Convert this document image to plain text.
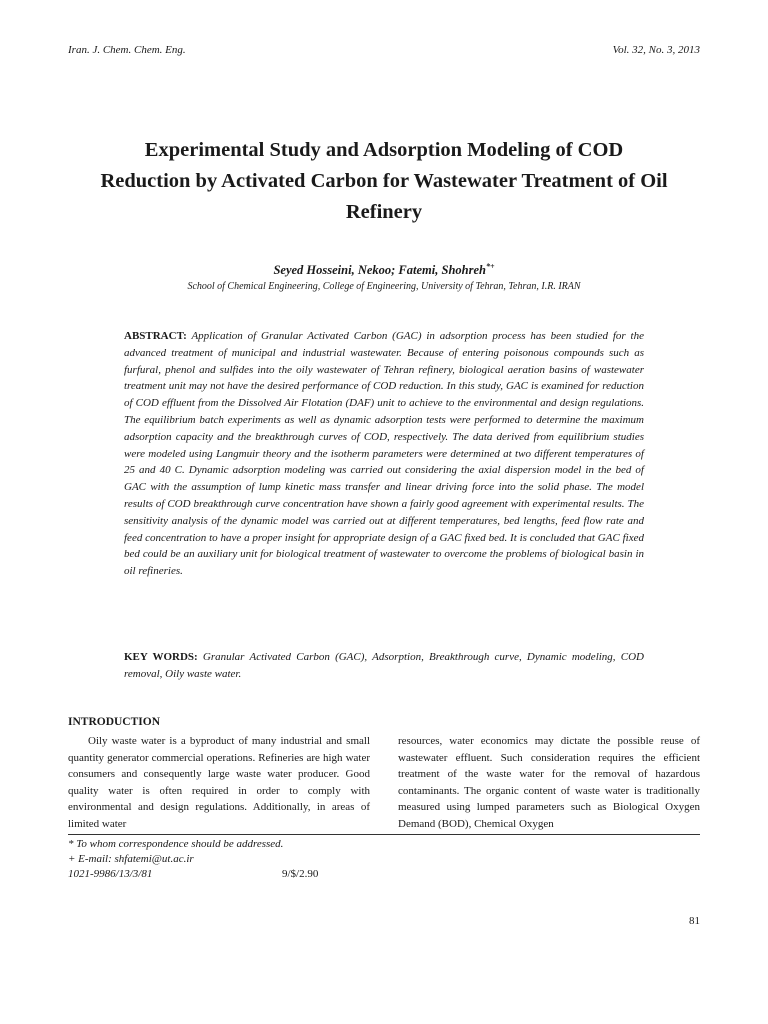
Iran. J. Chem. Chem. Eng.	Vol. 32, No. 3, 2013
Experimental Study and Adsorption Modeling of COD Reduction by Activated Carbon for Wastewater Treatment of Oil Refinery
Seyed Hosseini, Nekoo; Fatemi, Shohreh*+
School of Chemical Engineering, College of Engineering, University of Tehran, Tehran, I.R. IRAN
ABSTRACT: Application of Granular Activated Carbon (GAC) in adsorption process has been studied for the advanced treatment of municipal and industrial wastewater. Because of entering poisonous compounds such as furfural, phenol and sulfides into the oily wastewater of Tehran refinery, biological aeration basins of wastewater treatment unit may not have the desired performance of COD reduction. In this study, GAC is examined for reduction of COD effluent from the Dissolved Air Flotation (DAF) unit to achieve to the environmental and design regulations. The equilibrium batch experiments as well as dynamic adsorption tests were performed to determine the maximum adsorption capacity and the breakthrough curves of COD, respectively. The data derived from equilibrium studies were modeled using Langmuir theory and the isotherm parameters were determined at two different temperatures of 25 and 40 C. Dynamic adsorption modeling was carried out considering the axial dispersion model in the bed of GAC with the assumption of lump kinetic mass transfer and linear driving force into the solid phase. The model results of COD breakthrough curve concentration have shown a fairly good agreement with experimental results. The sensitivity analysis of the dynamic model was carried out at different temperatures, bed lengths, feed flow rate and feed concentration to have a proper insight for appropriate design of a GAC fixed bed. It is concluded that GAC fixed bed could be an auxiliary unit for biological treatment of wastewater to overcome the problems of biological basin in oil refineries.
KEY WORDS: Granular Activated Carbon (GAC), Adsorption, Breakthrough curve, Dynamic modeling, COD removal, Oily waste water.
INTRODUCTION
Oily waste water is a byproduct of many industrial and small quantity generator commercial operations. Refineries are high water consumers and consequently large waste water producer. Good quality water is often required in order to comply with environmental and design regulations. Additionally, in areas of limited water
resources, water economics may dictate the possible reuse of wastewater effluent. Such consideration requires the efficient treatment of the waste water for the removal of hazardous contaminants. The organic content of waste water is traditionally measured using lumped parameters such as Biological Oxygen Demand (BOD), Chemical Oxygen
* To whom correspondence should be addressed.
+ E-mail: shfatemi@ut.ac.ir
1021-9986/13/3/81	9/$/2.90
81
